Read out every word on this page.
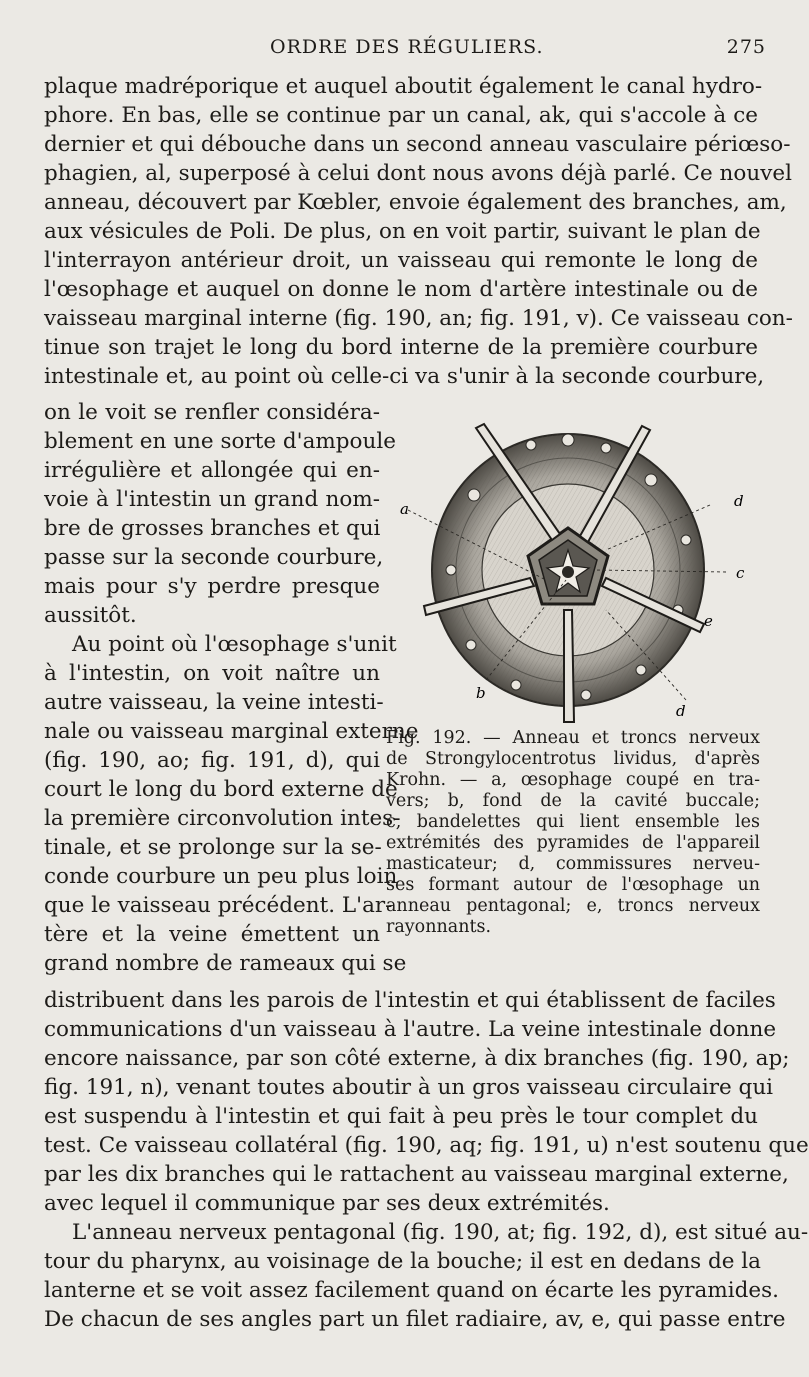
ORDRE DES RÉGULIERS.	275
plaque madréporique et auquel aboutit également le canal hydro-
phore. En bas, elle se continue par un canal, ak, qui s'accole à ce
dernier et qui débouche dans un second anneau vasculaire périœso-
phagien, al, superposé à celui dont nous avons déjà parlé. Ce nouvel
anneau, découvert par Kœbler, envoie également des branches, am,
aux vésicules de Poli. De plus, on en voit partir, suivant le plan de
l'interrayon antérieur droit, un vaisseau qui remonte le long de
l'œsophage et auquel on donne le nom d'artère intestinale ou de
vaisseau marginal interne (fig. 190, an; fig. 191, v). Ce vaisseau con-
tinue son trajet le long du bord interne de la première courbure
intestinale et, au point où celle-ci va s'unir à la seconde courbure,
on le voit se renfler considéra-
blement en une sorte d'ampoule
irrégulière et allongée qui en-
voie à l'intestin un grand nom-
bre de grosses branches et qui
passe sur la seconde courbure,
mais pour s'y perdre presque
aussitôt.
Au point où l'œsophage s'unit
à l'intestin, on voit naître un
autre vaisseau, la veine intesti-
nale ou vaisseau marginal externe
(fig. 190, ao; fig. 191, d), qui
court le long du bord externe de
la première circonvolution intes-
tinale, et se prolonge sur la se-
conde courbure un peu plus loin
que le vaisseau précédent. L'ar-
tère et la veine émettent un
grand nombre de rameaux qui se
a	d
c
e
b
d
Fig. 192. — Anneau et troncs nerveux
de Strongylocentrotus lividus, d'après
Krohn. — a, œsophage coupé en tra-
vers; b, fond de la cavité buccale;
c, bandelettes qui lient ensemble les
extrémités des pyramides de l'appareil
masticateur; d, commissures nerveu-
ses formant autour de l'œsophage un
anneau pentagonal; e, troncs nerveux
rayonnants.
distribuent dans les parois de l'intestin et qui établissent de faciles
communications d'un vaisseau à l'autre. La veine intestinale donne
encore naissance, par son côté externe, à dix branches (fig. 190, ap;
fig. 191, n), venant toutes aboutir à un gros vaisseau circulaire qui
est suspendu à l'intestin et qui fait à peu près le tour complet du
test. Ce vaisseau collatéral (fig. 190, aq; fig. 191, u) n'est soutenu que
par les dix branches qui le rattachent au vaisseau marginal externe,
avec lequel il communique par ses deux extrémités.
L'anneau nerveux pentagonal (fig. 190, at; fig. 192, d), est situé au-
tour du pharynx, au voisinage de la bouche; il est en dedans de la
lanterne et se voit assez facilement quand on écarte les pyramides.
De chacun de ses angles part un filet radiaire, av, e, qui passe entre
